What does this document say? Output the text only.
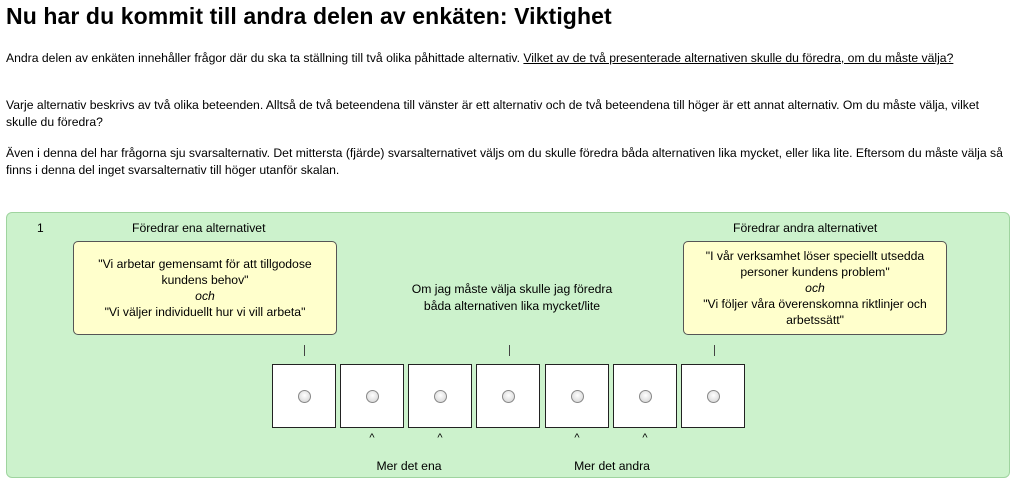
Nu har du kommit till andra delen av enkäten: Viktighet

Andra delen av enkäten innehåller frågor där du ska ta ställning till två olika påhittade alternativ. Vilket av de två presenterade alternativen skulle du föredra, om du måste välja?

Varje alternativ beskrivs av två olika beteenden. Alltså de två beteendena till vänster är ett alternativ och de två beteendena till höger är ett annat alternativ. Om du måste välja, vilket skulle du föredra?

Även i denna del har frågorna sju svarsalternativ. Det mittersta (fjärde) svarsalternativet väljs om du skulle föredra båda alternativen lika mycket, eller lika lite. Eftersom du måste välja så finns i denna del inget svarsalternativ till höger utanför skalan.

1	Föredrar ena alternativet	Föredrar andra alternativet
"Vi arbetar gemensamt för att tillgodose kundens behov"
och
"Vi väljer individuellt hur vi vill arbeta"
Om jag måste välja skulle jag föredra båda alternativen lika mycket/lite
"I vår verksamhet löser speciellt utsedda personer kundens problem"
och
"Vi följer våra överenskomna riktlinjer och arbetssätt"
^	^	^	^
Mer det ena	Mer det andra
